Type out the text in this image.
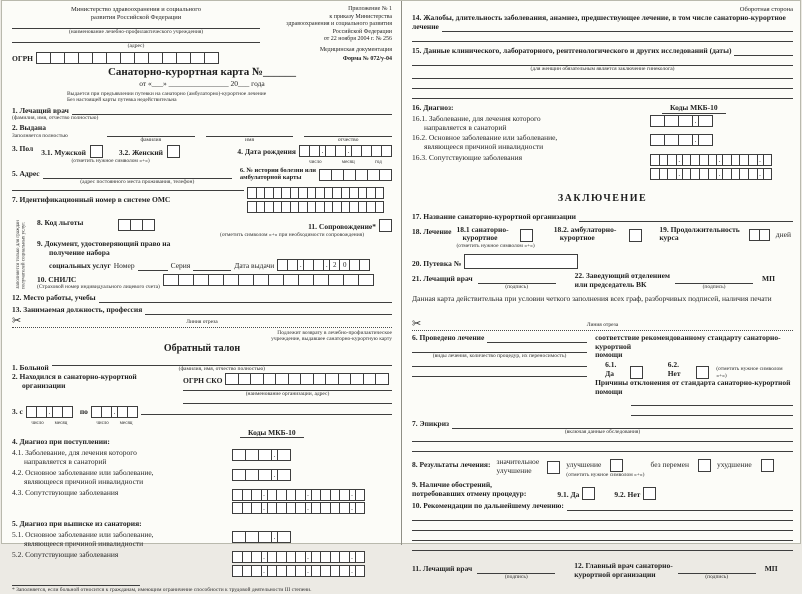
Министерство здравоохранения и социального
развития Российской Федерации
(наименование лечебно-профилактического учреждения)
(адрес)
ОГРН
Приложение № 1
к приказу Министерства
здравоохранения и социального развития
Российской Федерации
от 22 ноября 2004 г. № 256
Медицинская документация
Форма № 072/у-04
Санаторно-курортная карта №______
от «___» ________________ 20___ года
Выдается при предъявлении путевки на санаторно (амбулаторно)-курортное лечение
Без настоящей карты путевка недействительна
1. Лечащий врач
(фамилия, имя, отчество полностью)
2. Выдана
Заполняется полностью
фамилия	имя	отчество
3. Пол 3.1. Мужской	3.2. Женский
(отметить нужное символом «+»)
4. Дата рождения	.	.
число	месяц	год
5. Адрес
(адрес постоянного места проживания, телефон)
6. № истории болезни или
амбулаторной карты
7. Идентификационный номер в системе ОМС

Заполняется только для граждан получателей социальных услуг.	8. Код льготы	11. Сопровождение*
(отметить символом «+» при необходимости сопровождения)
9. Документ, удостоверяющий право на
получение набора
социальных услуг Номер	Серия	Дата выдачи	.	. 2 0
10. СНИЛС
(Страховой номер индивидуального лицевого счета)
12. Место работы, учебы
13. Занимаемая должность, профессия
✂	Линия отреза
Подлежит возврату в лечебно-профилактическое
учреждение, выдавшее санаторно-курортную карту
Обратный талон
1. Больной	(фамилия, имя, отчество полностью)
2. Находился в санаторно-курортной
организации
ОГРН СКО
(наименование организации, адрес)
3. с	.
число месяц
по	.
число месяц
Коды МКБ-10
4. Диагноз при поступлении:
4.1. Заболевание, для лечения которого
направляется в санаторий
.
4.2. Основное заболевание или заболевание,
являющееся причиной инвалидности
.
4.3. Сопутствующие заболевания	.	.	.

.	.	.
5. Диагноз при выписке из санатория:
5.1. Основное заболевание или заболевание,
являющееся причиной инвалидности
.
5.2. Сопутствующие заболевания	.	.	.

.	.	.
* Заполняется, если больной относится к гражданам, имеющим ограничение способности к трудовой деятельности III степени.
Оборотная сторона
14. Жалобы, длительность заболевания, анамнез, предшествующее лечение, в том числе санаторно-курортное
лечение
15. Данные клинического, лабораторного, рентгенологического и других исследований (даты)
(для женщин обязательным является заключение гинеколога)
16. Диагноз:	Коды МКБ-10
16.1. Заболевание, для лечения которого
направляется в санаторий
.
16.2. Основное заболевание или заболевание,
являющееся причиной инвалидности
.
16.3. Сопутствующие заболевания	.	.	.

.	.	.
ЗАКЛЮЧЕНИЕ
17. Название санаторно-курортной организации
18. Лечение 18.1 санаторно-
курортное
(отметить нужное символом «+»)
18.2. амбулаторно-
курортное
19. Продолжительность
курса	дней
20. Путевка №
21. Лечащий врач
(подпись)
22. Заведующий отделением
или председатель ВК	(подпись)
МП
Данная карта действительна при условии четкого заполнения всех граф, разборчивых подписей, наличия печати
✂	Линия отреза
6. Проведено лечение
(виды лечения, количество процедур, их переносимость)
соответствие рекомендованному стандарту санаторно-курортной
помощи
6.1. Да
6.2. Нет	(отметить нужное символом «+»)
Причины отклонения от стандарта санаторно-курортной помощи
7. Эпикриз
(включая данные обследования)
8. Результаты лечения: значительное
улучшение
улучшение
(отметить нужное символом «+»)
без перемен	ухудшение
9. Наличие обострений,
потребовавших отмену процедур:	9.1. Да	9.2. Нет
10. Рекомендации по дальнейшему лечению:
11. Лечащий врач
(подпись)
12. Главный врач санаторно-
курортной организации	(подпись)
МП
